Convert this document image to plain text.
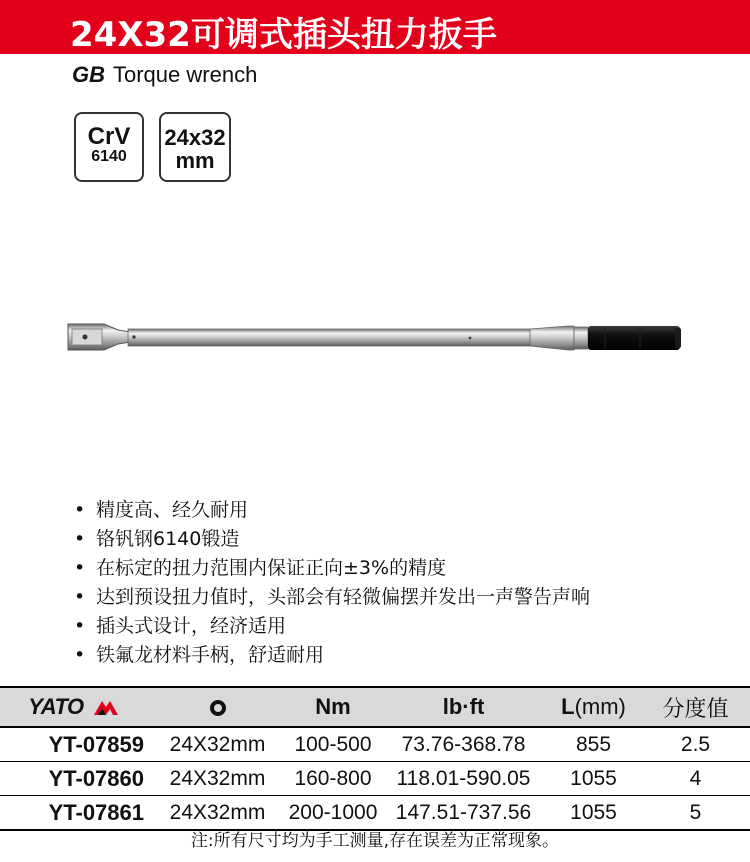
24X32可调式插头扭力扳手
GB Torque wrench
CrV
6140
24x32
mm
• 精度高、经久耐用
• 铬钒钢6140锻造
• 在标定的扭力范围内保证正向±3%的精度
• 达到预设扭力值时，头部会有轻微偏摆并发出一声警告声响
• 插头式设计，经济适用
• 铁氟龙材料手柄，舒适耐用
YATO		Nm	lb·ft	L(mm)	分度值
YT-07859	24X32mm	100-500	73.76-368.78	855	2.5
YT-07860	24X32mm	160-800	118.01-590.05	1055	4
YT-07861	24X32mm	200-1000	147.51-737.56	1055	5
注:所有尺寸均为手工测量,存在误差为正常现象。
